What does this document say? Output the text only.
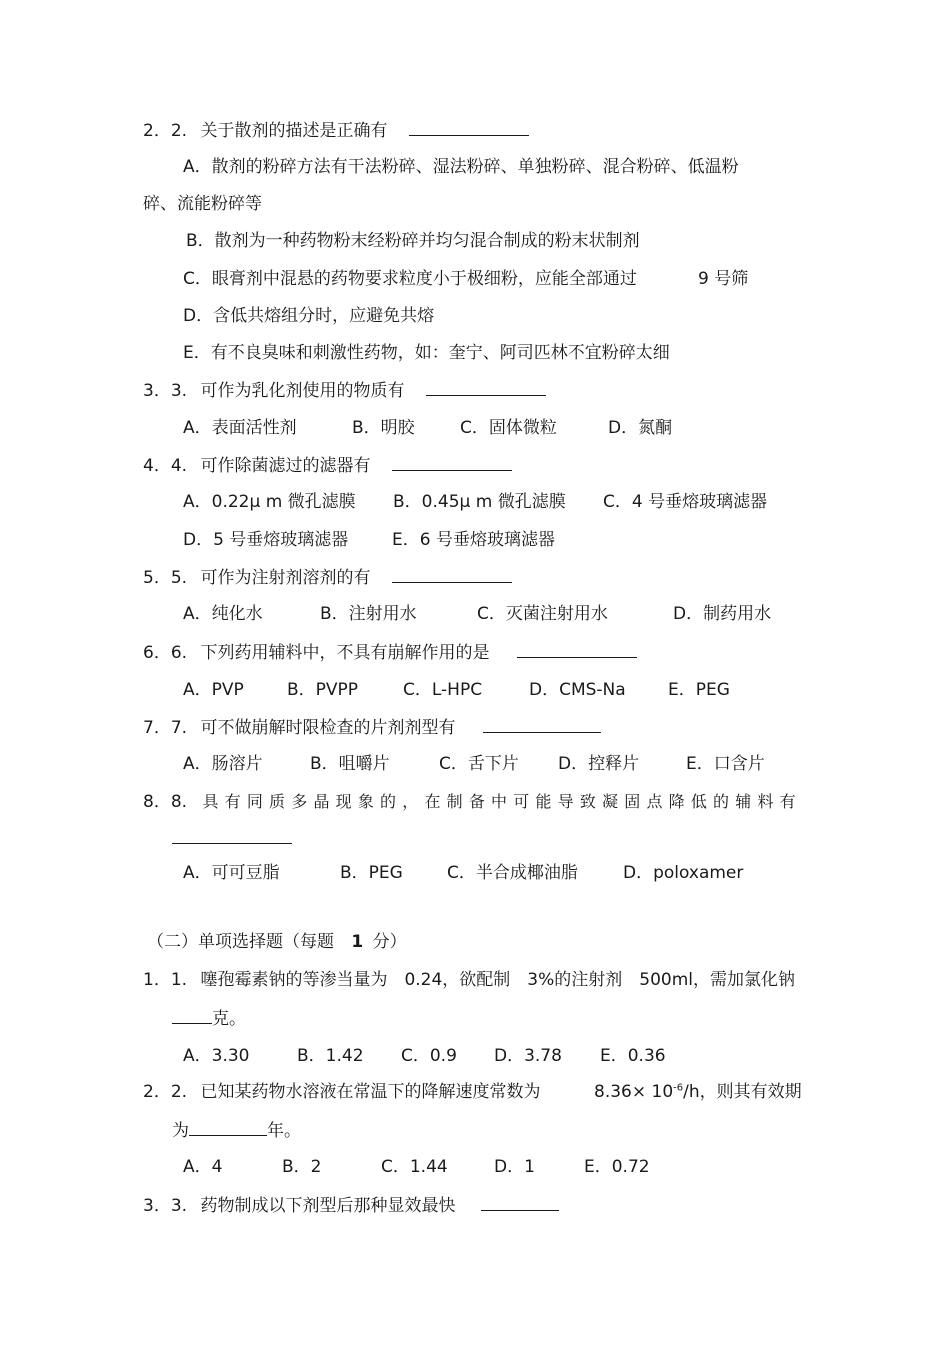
2．2. 关于散剂的描述是正确有
A．散剂的粉碎方法有干法粉碎、湿法粉碎、单独粉碎、混合粉碎、低温粉
碎、流能粉碎等
B．散剂为一种药物粉末经粉碎并均匀混合制成的粉末状制剂
C．眼膏剂中混悬的药物要求粒度小于极细粉，应能全部通过	9 号筛
D．含低共熔组分时，应避免共熔
E．有不良臭味和刺激性药物，如：奎宁、阿司匹林不宜粉碎太细
3．3. 可作为乳化剂使用的物质有
A．表面活性剂	B．明胶	C．固体微粒	D．氮酮
4．4. 可作除菌滤过的滤器有
A．0.22μ m 微孔滤膜 B．0.45μ m 微孔滤膜 C．4 号垂熔玻璃滤器
D．5 号垂熔玻璃滤器	E．6 号垂熔玻璃滤器
5．5. 可作为注射剂溶剂的有
A．纯化水	B．注射用水	C．灭菌注射用水	D．制药用水
6．6. 下列药用辅料中，不具有崩解作用的是
A．PVP	B．PVPP	C．L-HPC	D．CMS-Na E．PEG
7．7. 可不做崩解时限检查的片剂剂型有
A．肠溶片	B．咀嚼片	C．舌下片 D．控释片	E．口含片
8．8. 具有同质多晶现象的，在制备中可能导致凝固点降低的辅料有
A．可可豆脂	B．PEG	C．半合成椰油脂	D．poloxamer
（二）单项选择题（每题 1 分）
1．1. 噻孢霉素钠的等渗当量为　0.24，欲配制　3%的注射剂　500ml，需加氯化钠
克。
A．3.30	B．1.42 C．0.9 D．3.78 E．0.36
2．2. 已知某药物水溶液在常温下的降解速度常数为	$8.36\times 10^{-6}/h$，则其有效期
为	年。
A．4	B．2	C．1.44	D．1	E．0.72
3．3. 药物制成以下剂型后那种显效最快
